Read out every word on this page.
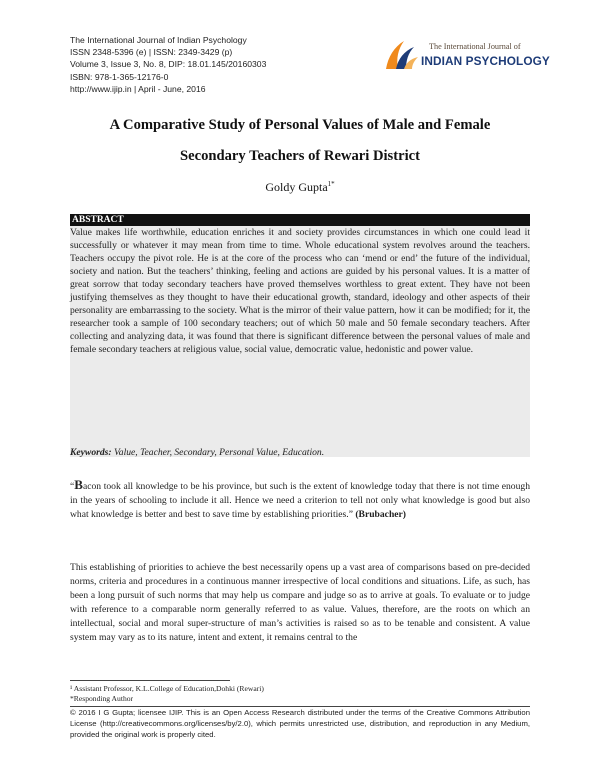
The International Journal of Indian Psychology
ISSN 2348-5396 (e) | ISSN: 2349-3429 (p)
Volume 3, Issue 3, No. 8, DIP: 18.01.145/20160303
ISBN: 978-1-365-12176-0
http://www.ijip.in | April - June, 2016
The International Journal of
INDIAN PSYCHOLOGY
A Comparative Study of Personal Values of Male and Female
Secondary Teachers of Rewari District
Goldy Gupta$^{1*}$
ABSTRACT
Value makes life worthwhile, education enriches it and society provides circumstances in which one could lead it successfully or whatever it may mean from time to time. Whole educational system revolves around the teachers. Teachers occupy the pivot role. He is at the core of the process who can ‘mend or end’ the future of the individual, society and nation. But the teachers’ thinking, feeling and actions are guided by his personal values. It is a matter of great sorrow that today secondary teachers have proved themselves worthless to great extent. They have not been justifying themselves as they thought to have their educational growth, standard, ideology and other aspects of their personality are embarrassing to the society. What is the mirror of their value pattern, how it can be modified; for it, the researcher took a sample of 100 secondary teachers; out of which 50 male and 50 female secondary teachers. After collecting and analyzing data, it was found that there is significant difference between the personal values of male and female secondary teachers at religious value, social value, democratic value, hedonistic and power value.
Keywords: Value, Teacher, Secondary, Personal Value, Education.
“Bacon took all knowledge to be his province, but such is the extent of knowledge today that there is not time enough in the years of schooling to include it all. Hence we need a criterion to tell not only what knowledge is good but also what knowledge is better and best to save time by establishing priorities.” (Brubacher)
This establishing of priorities to achieve the best necessarily opens up a vast area of comparisons based on pre-decided norms, criteria and procedures in a continuous manner irrespective of local conditions and situations. Life, as such, has been a long pursuit of such norms that may help us compare and judge so as to arrive at goals. To evaluate or to judge with reference to a comparable norm generally referred to as value. Values, therefore, are the roots on which an intellectual, social and moral super-structure of man’s activities is raised so as to be tenable and consistent. A value system may vary as to its nature, intent and extent, it remains central to the
¹ Assistant Professor, K.L.College of Education,Dohki (Rewari)
*Responding Author
© 2016 I G Gupta; licensee IJIP. This is an Open Access Research distributed under the terms of the Creative Commons Attribution License (http://creativecommons.org/licenses/by/2.0), which permits unrestricted use, distribution, and reproduction in any Medium, provided the original work is properly cited.
